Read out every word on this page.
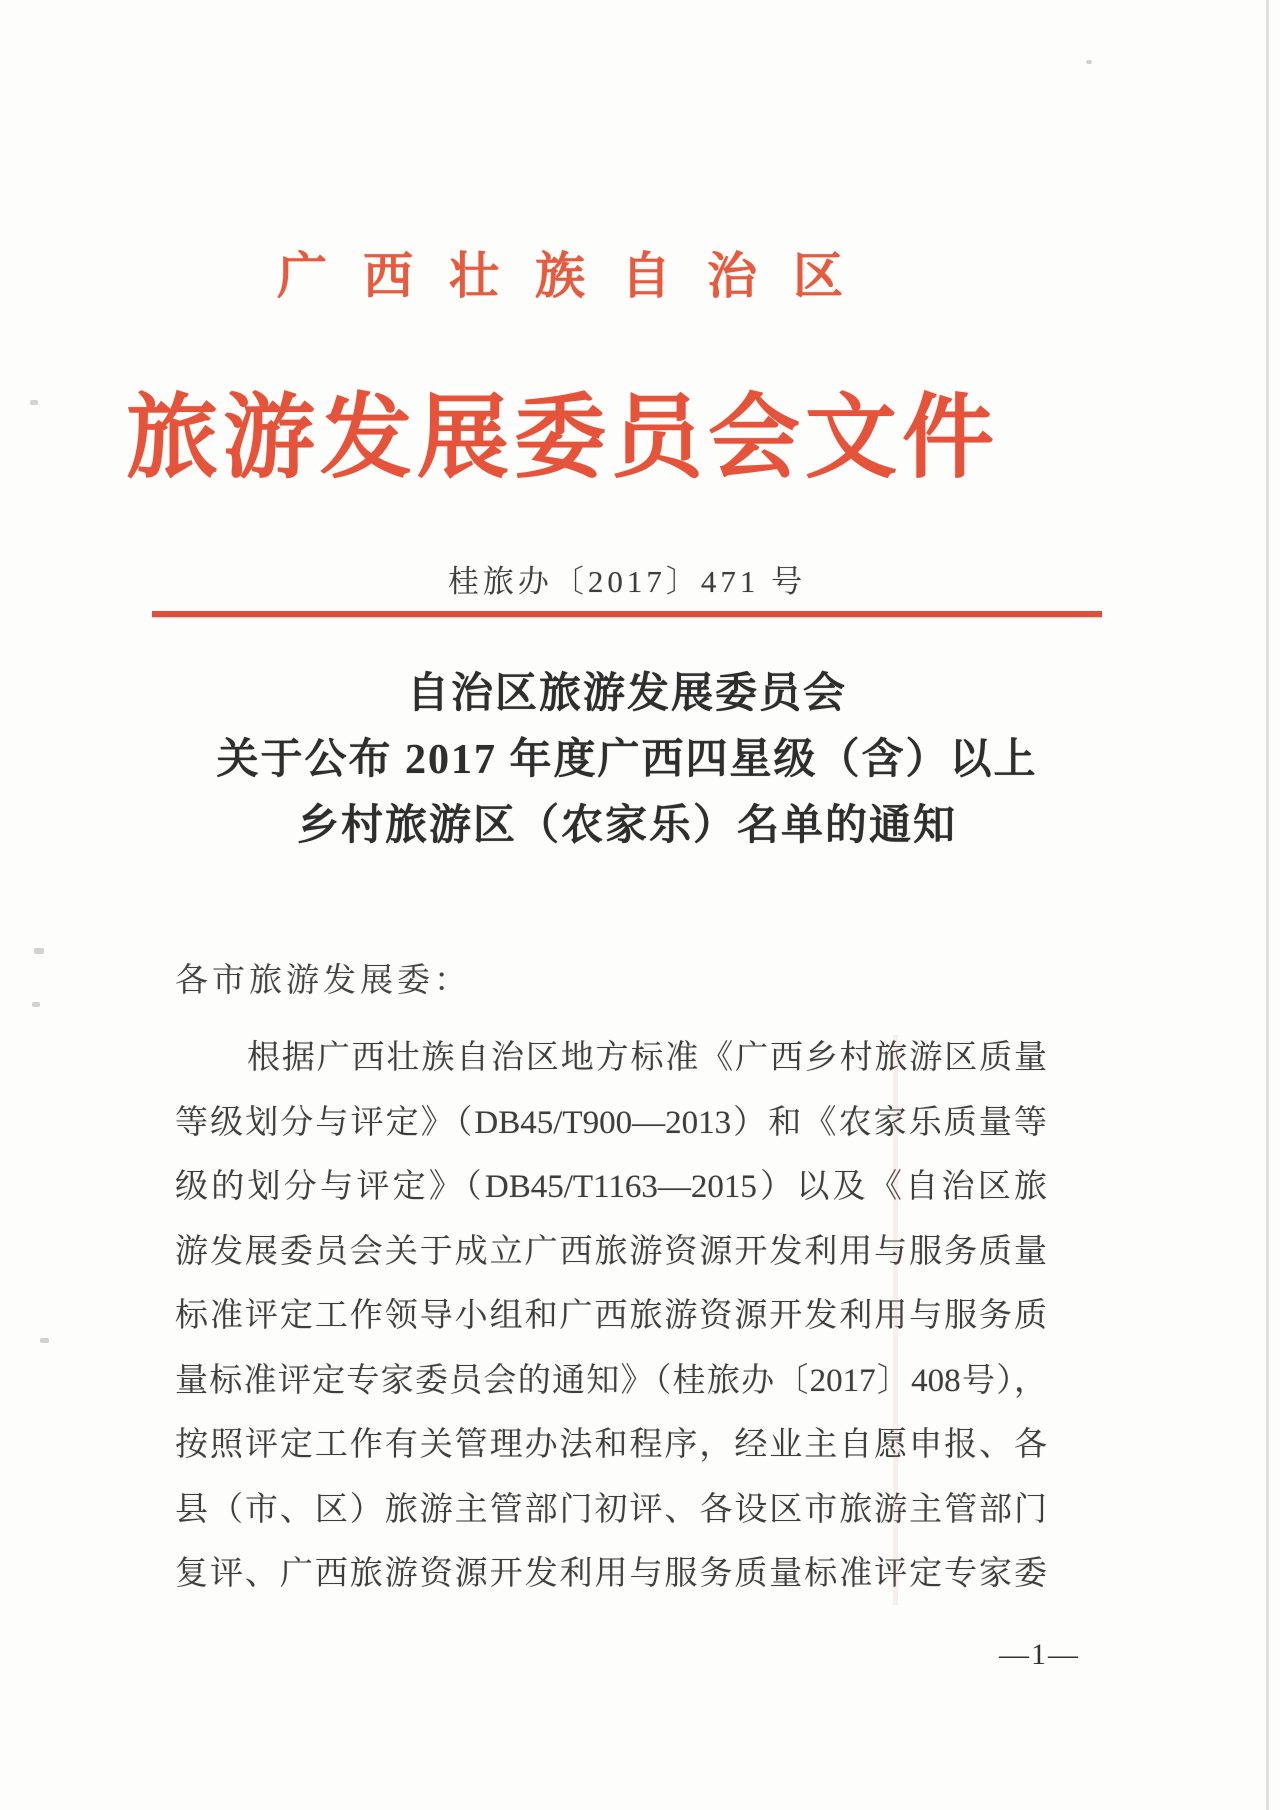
广西壮族自治区
旅游发展委员会文件
桂旅办〔2017〕471 号
自治区旅游发展委员会
关于公布 2017 年度广西四星级（含）以上
乡村旅游区（农家乐）名单的通知
各市旅游发展委：
根据广西壮族自治区地方标准《广西乡村旅游区质量
等级划分与评定》（DB45/T900—2013）和《农家乐质量等
级的划分与评定》（DB45/T1163—2015）以及《自治区旅
游发展委员会关于成立广西旅游资源开发利用与服务质量
标准评定工作领导小组和广西旅游资源开发利用与服务质
量标准评定专家委员会的通知》（桂旅办〔2017〕408号），
按照评定工作有关管理办法和程序，经业主自愿申报、各
县（市、区）旅游主管部门初评、各设区市旅游主管部门
复评、广西旅游资源开发利用与服务质量标准评定专家委
—1—
